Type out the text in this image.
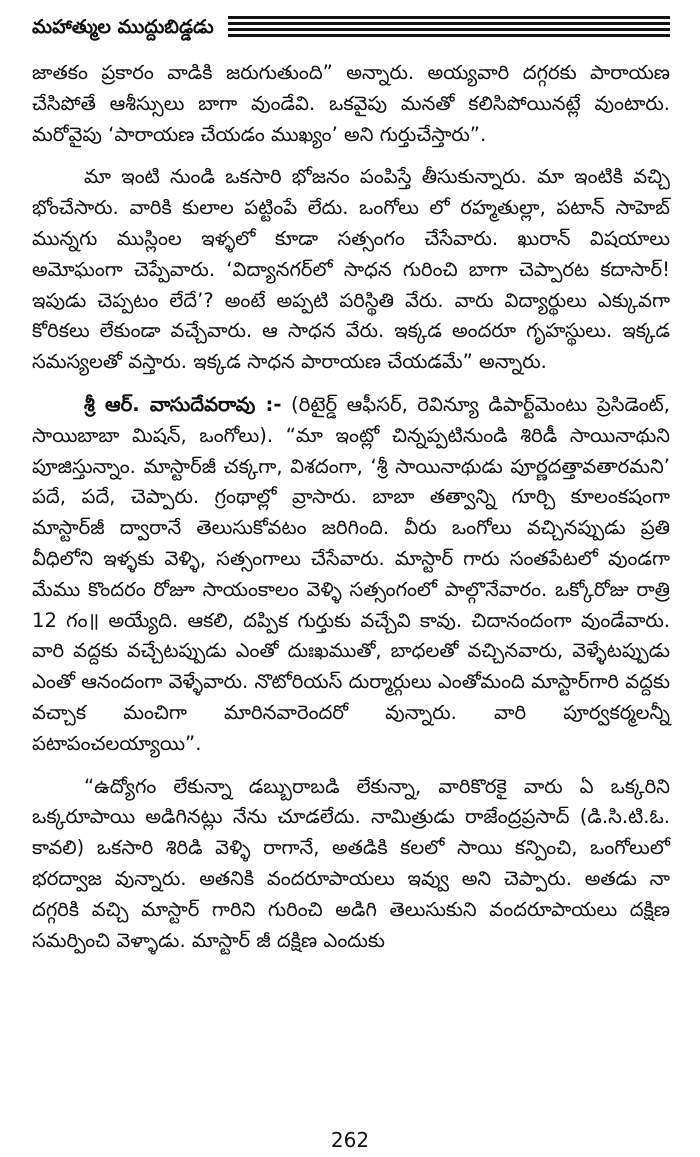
మహాత్ముల ముద్దుబిడ్డడు

జాతకం ప్రకారం వాడికి జరుగుతుంది” అన్నారు. అయ్యవారి దగ్గరకు పారాయణ చేసిపోతే ఆశీస్సులు బాగా వుండేవి. ఒకవైపు మనతో కలిసిపోయినట్లే వుంటారు. మరోవైపు ‘పారాయణ చేయడం ముఖ్యం’ అని గుర్తుచేస్తారు”.

మా ఇంటి నుండి ఒకసారి భోజనం పంపిస్తే తీసుకున్నారు. మా ఇంటికి వచ్చి భోంచేసారు. వారికి కులాల పట్టింపే లేదు. ఒంగోలు లో రహ్మతుల్లా, పటాన్ సాహెబ్ మున్నగు ముస్లింల ఇళ్ళలో కూడా సత్సంగం చేసేవారు. ఖురాన్ విషయాలు అమోఘంగా చెప్పేవారు. ‘విద్యానగర్‌లో సాధన గురించి బాగా చెప్పారట కదాసార్! ఇపుడు చెప్పటం లేదే’? అంటే అప్పటి పరిస్థితి వేరు. వారు విద్యార్థులు ఎక్కువగా కోరికలు లేకుండా వచ్చేవారు. ఆ సాధన వేరు. ఇక్కడ అందరూ గృహస్థులు. ఇక్కడ సమస్యలతో వస్తారు. ఇక్కడ సాధన పారాయణ చేయడమే” అన్నారు.

శ్రీ ఆర్. వాసుదేవరావు :- (రిటైర్డ్ ఆఫీసర్, రెవిన్యూ డిపార్ట్‌మెంటు ప్రెసిడెంట్, సాయిబాబా మిషన్, ఒంగోలు). “మా ఇంట్లో చిన్నప్పటినుండి శిరిడీ సాయినాథుని పూజిస్తున్నాం. మాస్టార్‌జీ చక్కగా, విశదంగా, ‘శ్రీ సాయినాథుడు పూర్ణదత్తావతారమని’ పదే, పదే, చెప్పారు. గ్రంథాల్లో వ్రాసారు. బాబా తత్వాన్ని గూర్చి కూలంకషంగా మాస్టార్‌జీ ద్వారానే తెలుసుకోవటం జరిగింది. వీరు ఒంగోలు వచ్చినప్పుడు ప్రతి వీధిలోని ఇళ్ళకు వెళ్ళి, సత్సంగాలు చేసేవారు. మాస్టార్ గారు సంతపేటలో వుండగా మేము కొందరం రోజూ సాయంకాలం వెళ్ళి సత్సంగంలో పాల్గొనేవారం. ఒక్కోరోజు రాత్రి 12 గం॥ అయ్యేది. ఆకలి, దప్పిక గుర్తుకు వచ్చేవి కావు. చిదానందంగా వుండేవారు. వారి వద్దకు వచ్చేటప్పుడు ఎంతో దుఃఖముతో, బాధలతో వచ్చినవారు, వెళ్ళేటప్పుడు ఎంతో ఆనందంగా వెళ్ళేవారు. నొటోరియస్ దుర్మార్గులు ఎంతోమంది మాస్టార్‌గారి వద్దకు వచ్చాక మంచిగా మారినవారెందరో వున్నారు. వారి పూర్వకర్మలన్నీ పటాపంచలయ్యాయి”.

“ఉద్యోగం లేకున్నా డబ్బురాబడి లేకున్నా, వారికొరకై వారు ఏ ఒక్కరిని ఒక్కరూపాయి అడిగినట్లు నేను చూడలేదు. నామిత్రుడు రాజేంద్రప్రసాద్ (డి.సి.టి.ఓ. కావలి) ఒకసారి శిరిడి వెళ్ళి రాగానే, అతడికి కలలో సాయి కన్పించి, ఒంగోలులో భరద్వాజ వున్నారు. అతనికి వందరూపాయలు ఇవ్వు అని చెప్పారు. అతడు నా దగ్గరికి వచ్చి మాస్టార్ గారిని గురించి అడిగి తెలుసుకుని వందరూపాయలు దక్షిణ సమర్పించి వెళ్ళాడు. మాస్టార్ జీ దక్షిణ ఎందుకు

262
